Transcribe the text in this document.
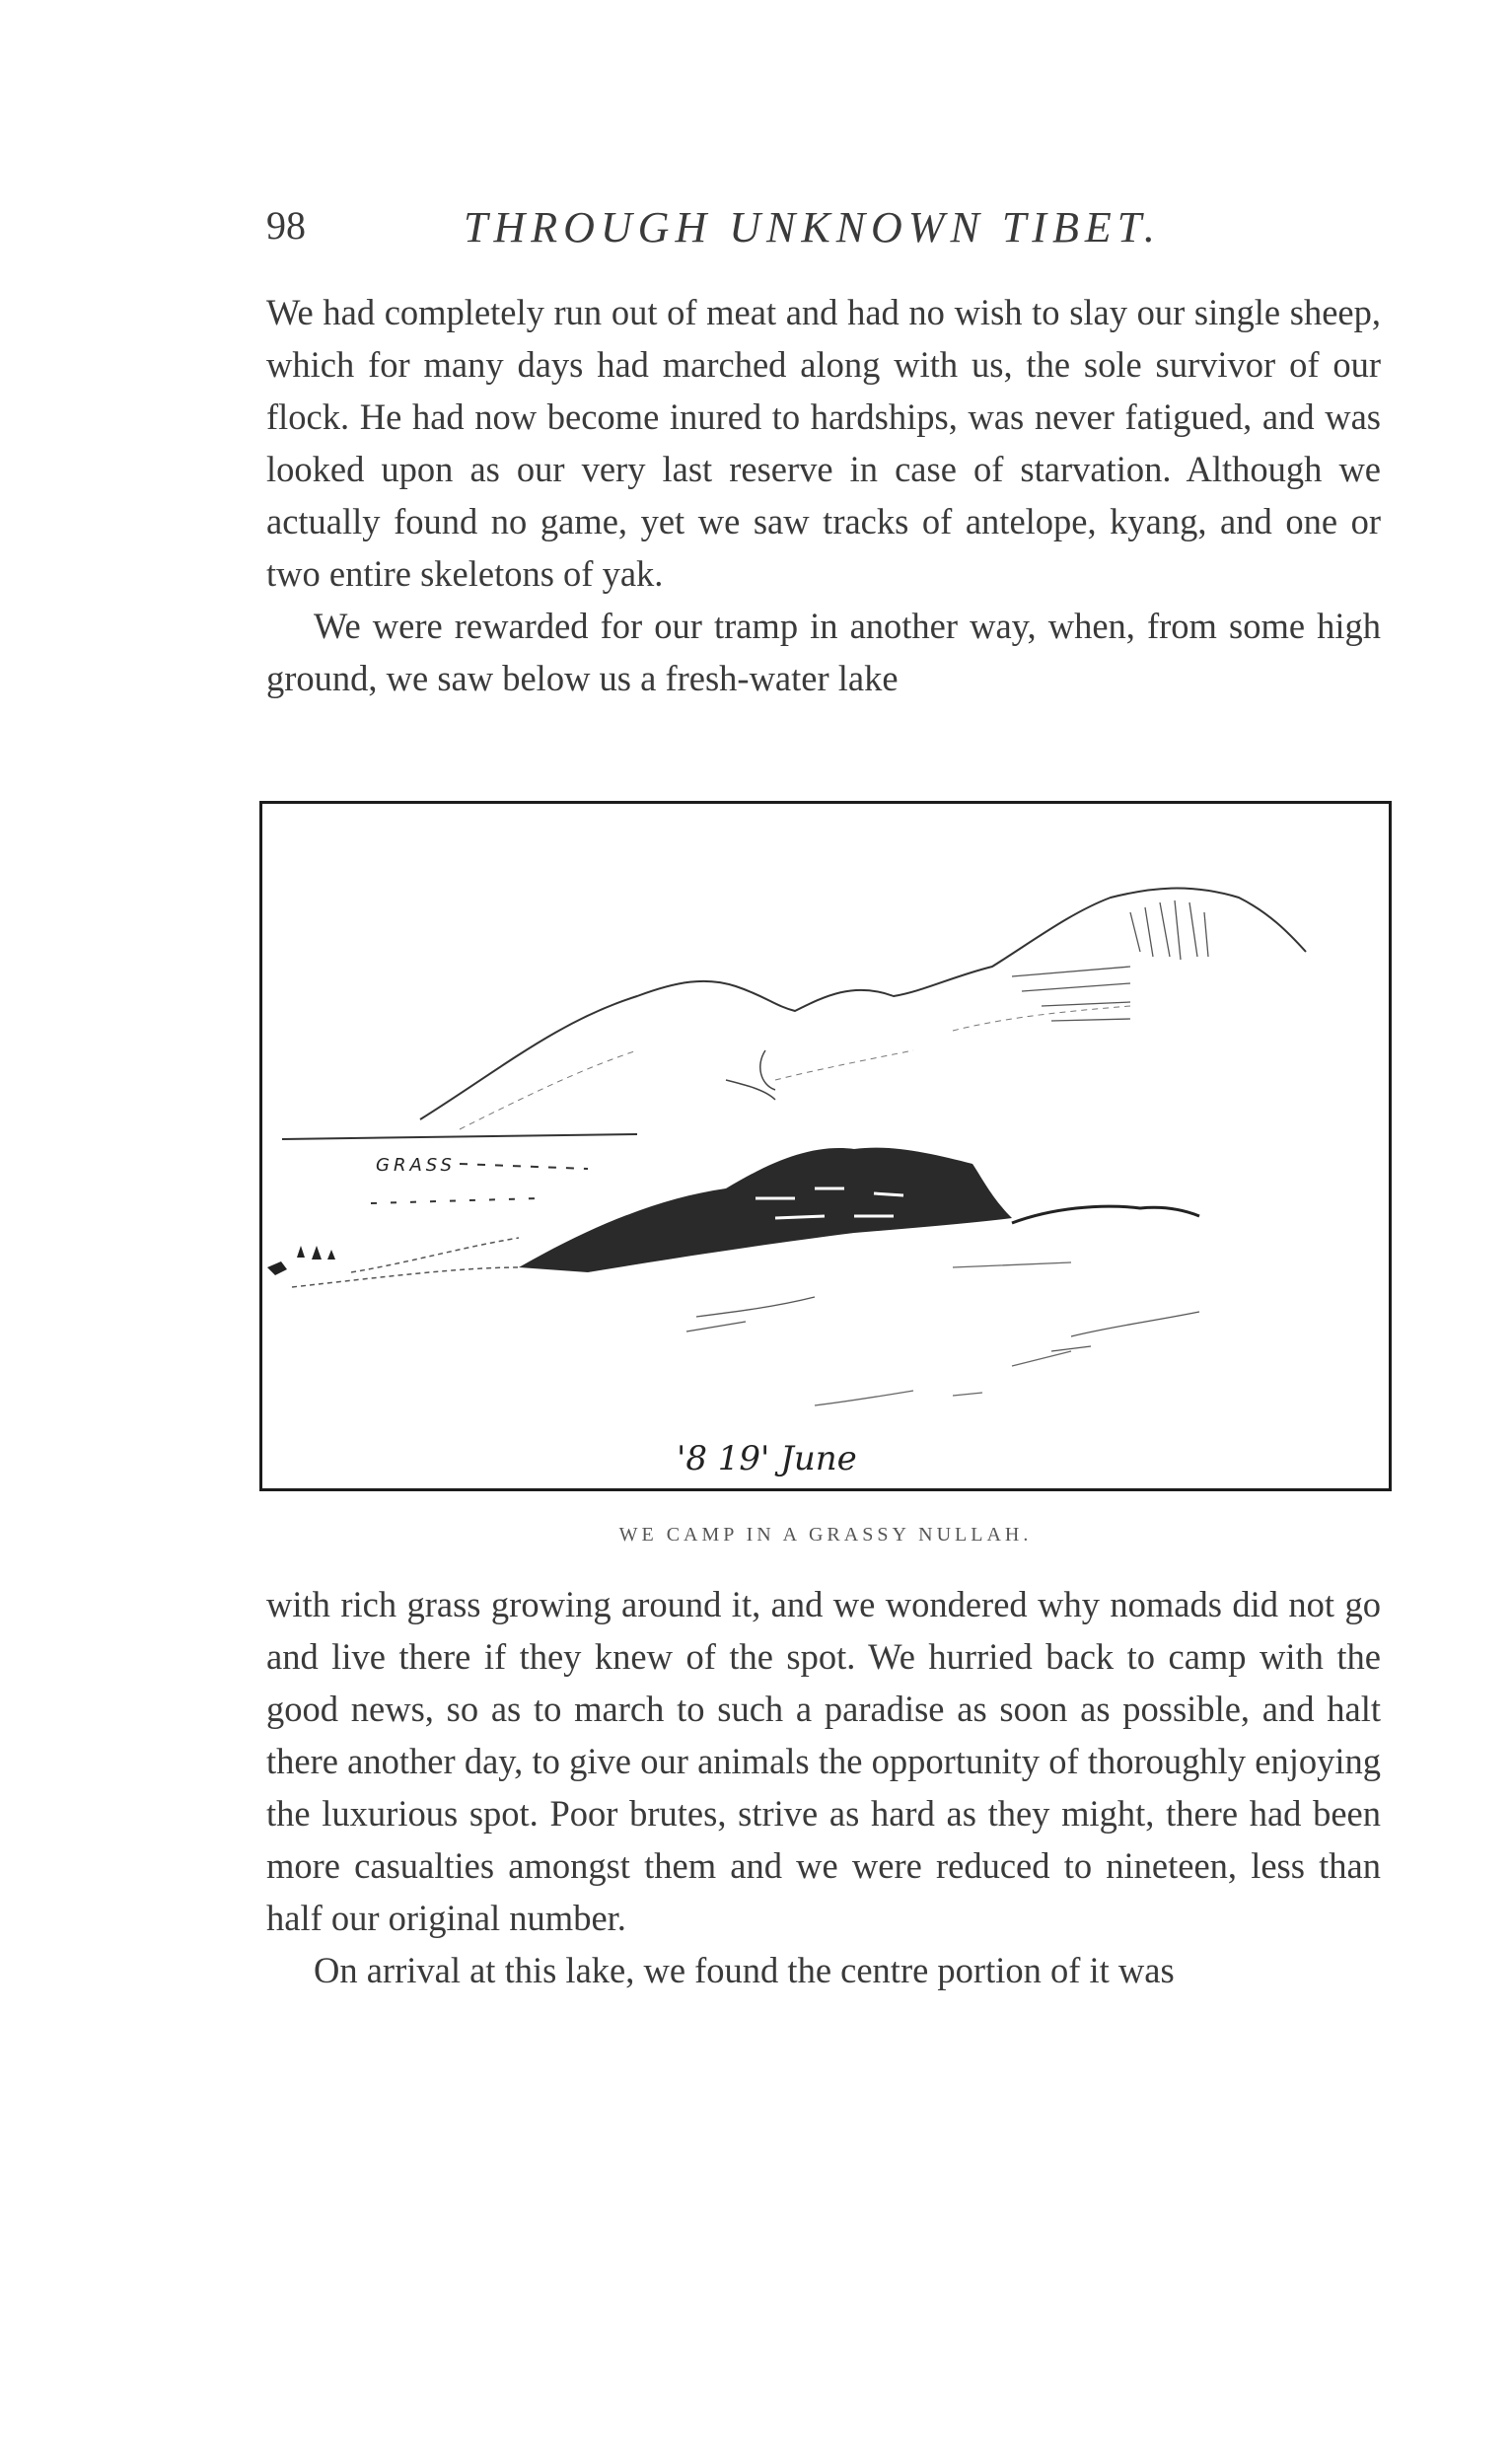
98	THROUGH UNKNOWN TIBET.

We had completely run out of meat and had no wish to slay our single sheep, which for many days had marched along with us, the sole survivor of our flock. He had now become inured to hardships, was never fatigued, and was looked upon as our very last reserve in case of starvation. Although we actually found no game, yet we saw tracks of antelope, kyang, and one or two entire skeletons of yak.

We were rewarded for our tramp in another way, when, from some high ground, we saw below us a fresh-water lake

GRASS
'8 19' June
WE CAMP IN A GRASSY NULLAH.

with rich grass growing around it, and we wondered why nomads did not go and live there if they knew of the spot. We hurried back to camp with the good news, so as to march to such a paradise as soon as possible, and halt there another day, to give our animals the opportunity of thoroughly enjoying the luxurious spot. Poor brutes, strive as hard as they might, there had been more casualties amongst them and we were reduced to nineteen, less than half our original number.

On arrival at this lake, we found the centre portion of it was
